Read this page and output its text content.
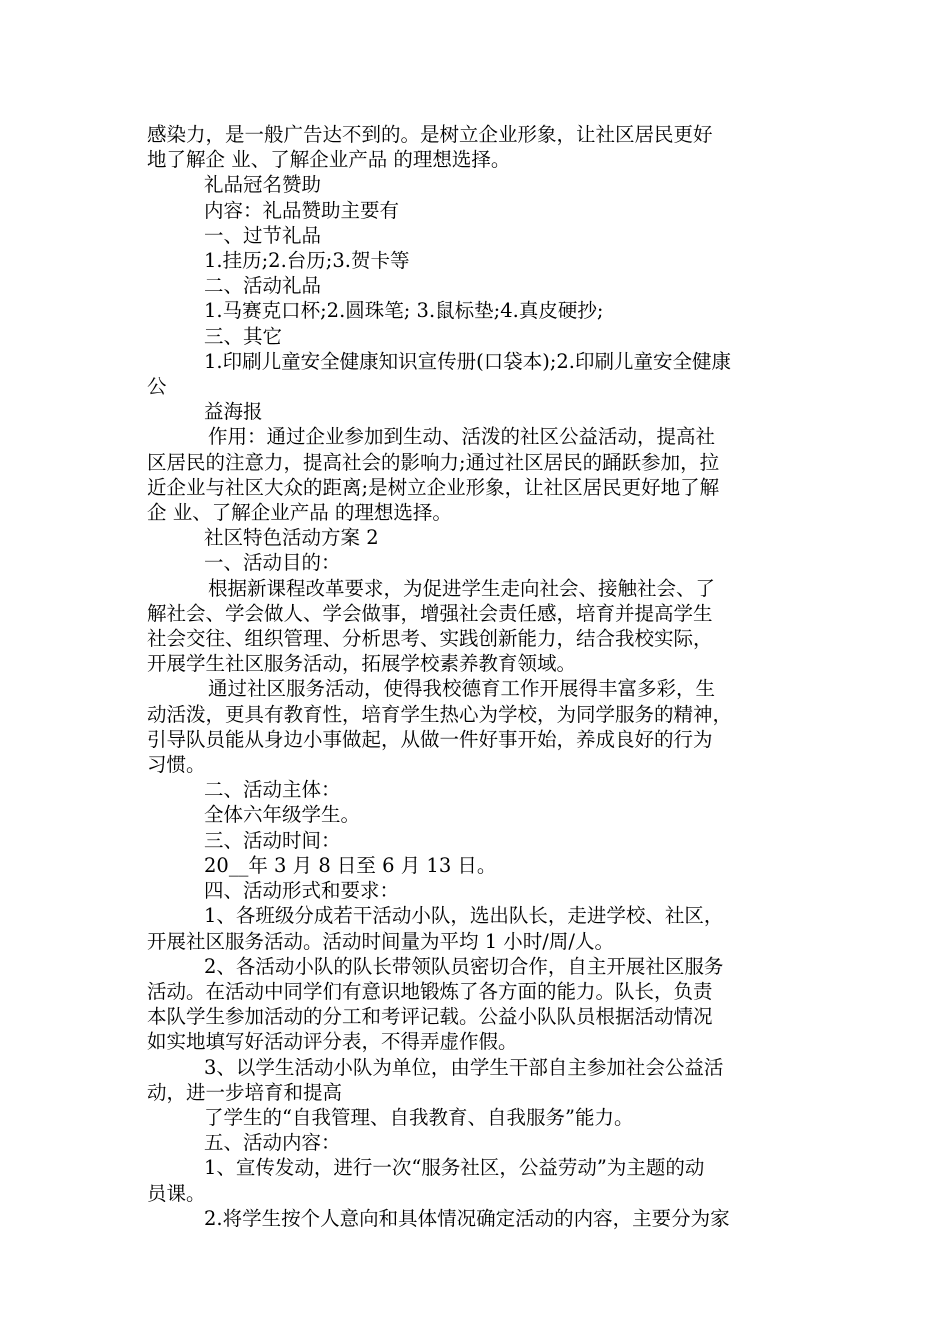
感染力，是一般广告达不到的。是树立企业形象，让社区居民更好

地了解企 业、了解企业产品 的理想选择。

礼品冠名赞助

内容：礼品赞助主要有

一、过节礼品

1.挂历;2.台历;3.贺卡等

二、活动礼品

1.马赛克口杯;2.圆珠笔; 3.鼠标垫;4.真皮硬抄;

三、其它

1.印刷儿童安全健康知识宣传册(口袋本);2.印刷儿童安全健康

公

益海报

作用：通过企业参加到生动、活泼的社区公益活动，提高社

区居民的注意力，提高社会的影响力;通过社区居民的踊跃参加，拉

近企业与社区大众的距离;是树立企业形象，让社区居民更好地了解

企 业、了解企业产品 的理想选择。

社区特色活动方案 2

一、活动目的：

根据新课程改革要求，为促进学生走向社会、接触社会、了

解社会、学会做人、学会做事，增强社会责任感，培育并提高学生

社会交往、组织管理、分析思考、实践创新能力，结合我校实际，

开展学生社区服务活动，拓展学校素养教育领域。

通过社区服务活动，使得我校德育工作开展得丰富多彩，生

动活泼，更具有教育性，培育学生热心为学校，为同学服务的精神，

引导队员能从身边小事做起，从做一件好事开始，养成良好的行为

习惯。

二、活动主体：

全体六年级学生。

三、活动时间：

20__年 3 月 8 日至 6 月 13 日。

四、活动形式和要求：

1、各班级分成若干活动小队，选出队长，走进学校、社区，

开展社区服务活动。活动时间量为平均 1 小时/周/人。

2、各活动小队的队长带领队员密切合作，自主开展社区服务

活动。在活动中同学们有意识地锻炼了各方面的能力。队长，负责

本队学生参加活动的分工和考评记载。公益小队队员根据活动情况

如实地填写好活动评分表，不得弄虚作假。

3、以学生活动小队为单位，由学生干部自主参加社会公益活

动，进一步培育和提高

了学生的“自我管理、自我教育、自我服务”能力。

五、活动内容：

1、宣传发动，进行一次“服务社区，公益劳动”为主题的动

员课。

2.将学生按个人意向和具体情况确定活动的内容，主要分为家
